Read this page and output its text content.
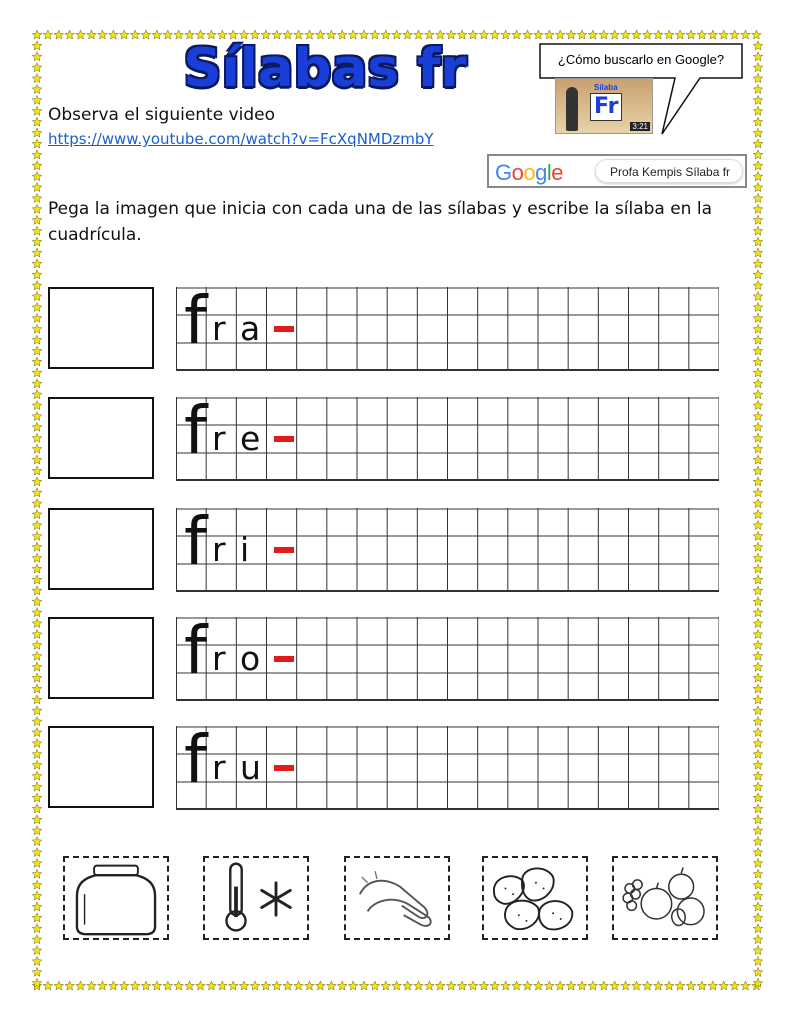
Sílabas fr	¿Cómo buscarlo en Google?
Sílaba
Fr
3:21
Observa el siguiente video
https://www.youtube.com/watch?v=FcXqNMDzmbY
Google	Profa Kempis Sílaba fr
Pega la imagen que inicia con cada una de las sílabas y escribe la sílaba en la cuadrícula.
f r a
f r e
f r i
f r o
f r u
